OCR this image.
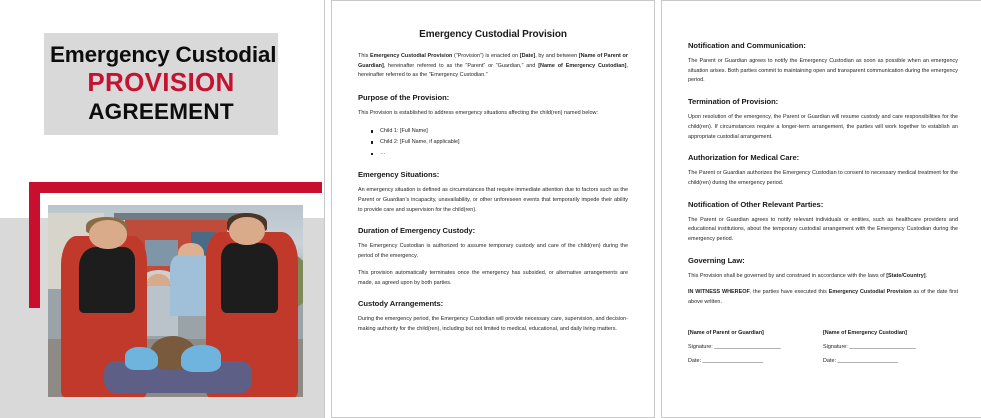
Emergency Custodial
PROVISION
AGREEMENT
Emergency Custodial Provision

This Emergency Custodial Provision (“Provision”) is enacted on [Date], by and between [Name of Parent or Guardian], hereinafter referred to as the “Parent” or “Guardian,” and [Name of Emergency Custodian], hereinafter referred to as the “Emergency Custodian.”

Purpose of the Provision:

This Provision is established to address emergency situations affecting the child(ren) named below:

Child 1: [Full Name]
Child 2: [Full Name, if applicable]
…
Emergency Situations:

An emergency situation is defined as circumstances that require immediate attention due to factors such as the Parent or Guardian’s incapacity, unavailability, or other unforeseen events that temporarily impede their ability to provide care and supervision for the child(ren).

Duration of Emergency Custody:

The Emergency Custodian is authorized to assume temporary custody and care of the child(ren) during the period of the emergency.

This provision automatically terminates once the emergency has subsided, or alternative arrangements are made, as agreed upon by both parties.

Custody Arrangements:

During the emergency period, the Emergency Custodian will provide necessary care, supervision, and decision-making authority for the child(ren), including but not limited to medical, educational, and daily living matters.

Notification and Communication:

The Parent or Guardian agrees to notify the Emergency Custodian as soon as possible when an emergency situation arises. Both parties commit to maintaining open and transparent communication during the emergency period.

Termination of Provision:

Upon resolution of the emergency, the Parent or Guardian will resume custody and care responsibilities for the child(ren). If circumstances require a longer-term arrangement, the parties will work together to establish an appropriate custodial arrangement.

Authorization for Medical Care:

The Parent or Guardian authorizes the Emergency Custodian to consent to necessary medical treatment for the child(ren) during the emergency period.

Notification of Other Relevant Parties:

The Parent or Guardian agrees to notify relevant individuals or entities, such as healthcare providers and educational institutions, about the temporary custodial arrangement with the Emergency Custodian during the emergency period.

Governing Law:

This Provision shall be governed by and construed in accordance with the laws of [State/Country].

IN WITNESS WHEREOF, the parties have executed this Emergency Custodial Provision as of the date first above written.

[Name of Parent or Guardian]
Signature: ______________________
Date: ____________________
[Name of Emergency Custodian]
Signature: ______________________
Date: ____________________
